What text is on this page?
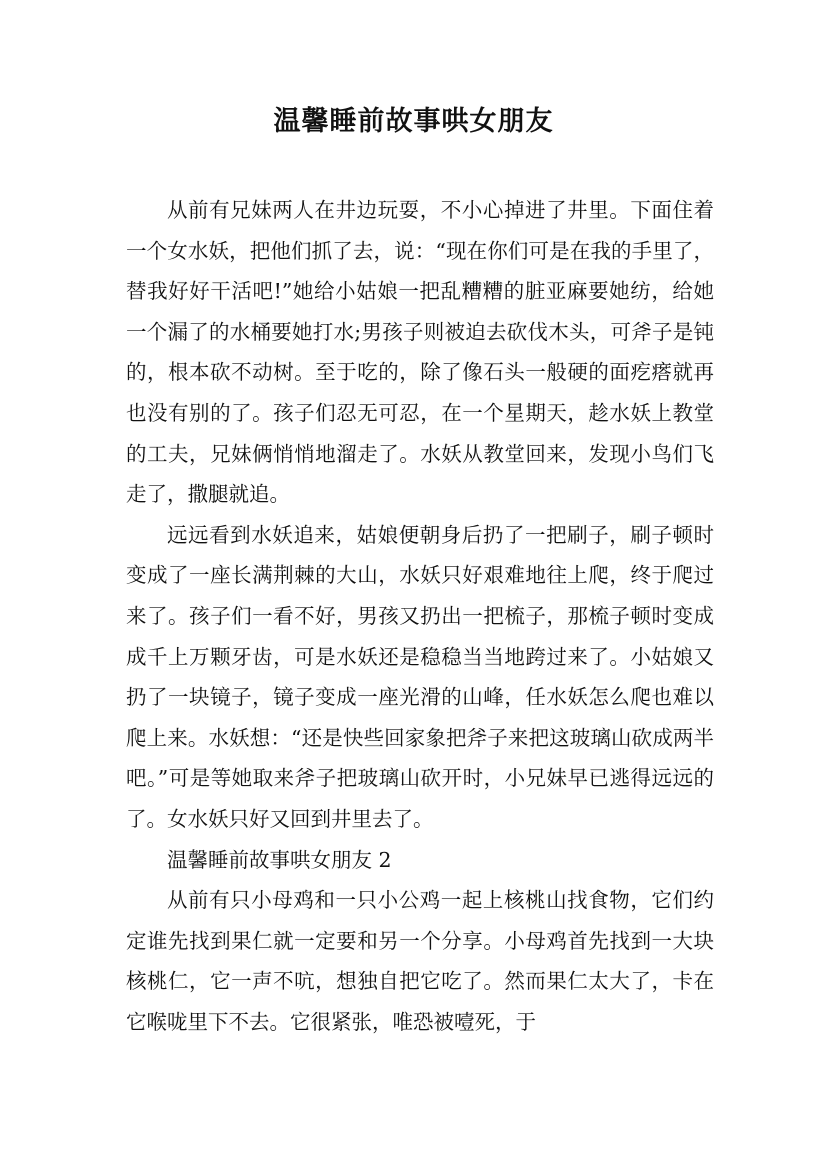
温馨睡前故事哄女朋友

从前有兄妹两人在井边玩耍，不小心掉进了井里。下面住着一个女水妖，把他们抓了去，说：“现在你们可是在我的手里了，替我好好干活吧!”她给小姑娘一把乱糟糟的脏亚麻要她纺，给她一个漏了的水桶要她打水;男孩子则被迫去砍伐木头，可斧子是钝的，根本砍不动树。至于吃的，除了像石头一般硬的面疙瘩就再也没有别的了。孩子们忍无可忍，在一个星期天，趁水妖上教堂的工夫，兄妹俩悄悄地溜走了。水妖从教堂回来，发现小鸟们飞走了，撒腿就追。

远远看到水妖追来，姑娘便朝身后扔了一把刷子，刷子顿时变成了一座长满荆棘的大山，水妖只好艰难地往上爬，终于爬过来了。孩子们一看不好，男孩又扔出一把梳子，那梳子顿时变成成千上万颗牙齿，可是水妖还是稳稳当当地跨过来了。小姑娘又扔了一块镜子，镜子变成一座光滑的山峰，任水妖怎么爬也难以爬上来。水妖想：“还是快些回家象把斧子来把这玻璃山砍成两半吧。”可是等她取来斧子把玻璃山砍开时，小兄妹早已逃得远远的了。女水妖只好又回到井里去了。

温馨睡前故事哄女朋友 2

从前有只小母鸡和一只小公鸡一起上核桃山找食物，它们约定谁先找到果仁就一定要和另一个分享。小母鸡首先找到一大块核桃仁，它一声不吭，想独自把它吃了。然而果仁太大了，卡在它喉咙里下不去。它很紧张，唯恐被噎死，于
